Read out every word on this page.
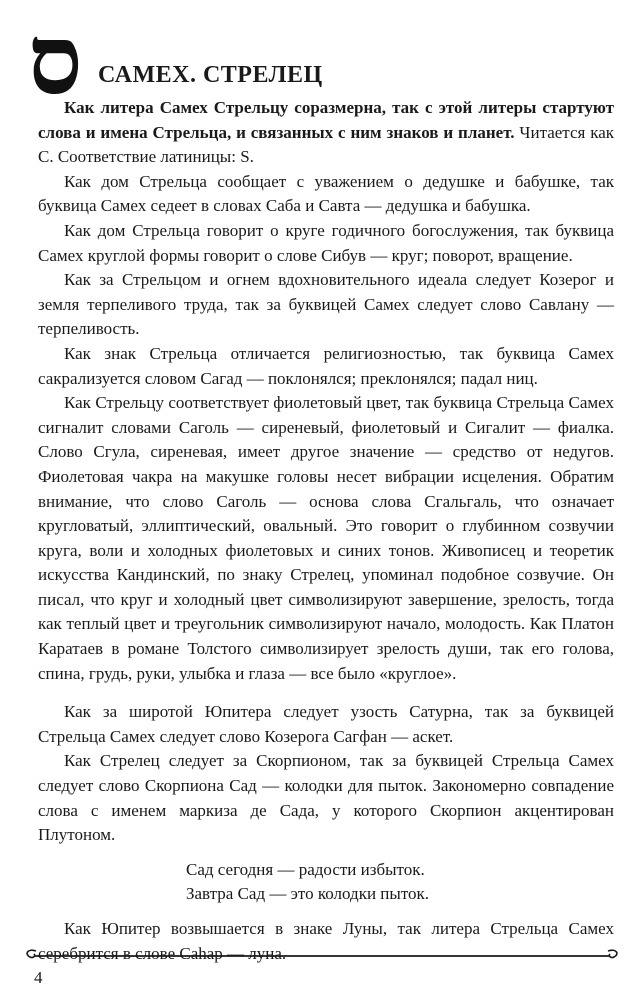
ס САМЕХ. СТРЕЛЕЦ

Как литера Самех Стрельцу соразмерна, так с этой литеры стартуют слова и имена Стрельца, и связанных с ним знаков и планет. Читается как С. Соответствие латиницы: S.

Как дом Стрельца сообщает с уважением о дедушке и бабушке, так буквица Самех седеет в словах Саба и Савта — дедушка и бабушка.

Как дом Стрельца говорит о круге годичного богослужения, так буквица Самех круглой формы говорит о слове Сибув — круг; поворот, вращение.

Как за Стрельцом и огнем вдохновительного идеала следует Козерог и земля терпеливого труда, так за буквицей Самех следует слово Савлану — терпеливость.

Как знак Стрельца отличается религиозностью, так буквица Самех сакрализуется словом Сагад — поклонялся; преклонялся; падал ниц.

Как Стрельцу соответствует фиолетовый цвет, так буквица Стрельца Самех сигналит словами Саголь — сиреневый, фиолетовый и Сигалит — фиалка. Слово Сгула, сиреневая, имеет другое значение — средство от недугов. Фиолетовая чакра на макушке головы несет вибрации исцеления. Обратим внимание, что слово Саголь — основа слова Сгальгаль, что означает кругловатый, эллиптический, овальный. Это говорит о глубинном созвучии круга, воли и холодных фиолетовых и синих тонов. Живописец и теоретик искусства Кандинский, по знаку Стрелец, упоминал подобное созвучие. Он писал, что круг и холодный цвет символизируют завершение, зрелость, тогда как теплый цвет и треугольник символизируют начало, молодость. Как Платон Каратаев в романе Толстого символизирует зрелость души, так его голова, спина, грудь, руки, улыбка и глаза — все было «круглое».

Как за широтой Юпитера следует узость Сатурна, так за буквицей Стрельца Самех следует слово Козерога Сагфан — аскет.

Как Стрелец следует за Скорпионом, так за буквицей Стрельца Самех следует слово Скорпиона Сад — колодки для пыток. Закономерно совпадение слова с именем маркиза де Сада, у которого Скорпион акцентирован Плутоном.

Сад сегодня — радости избыток.
Завтра Сад — это колодки пыток.

Как Юпитер возвышается в знаке Луны, так литера Стрельца Самех серебрится в слове Сahар — луна.

4
